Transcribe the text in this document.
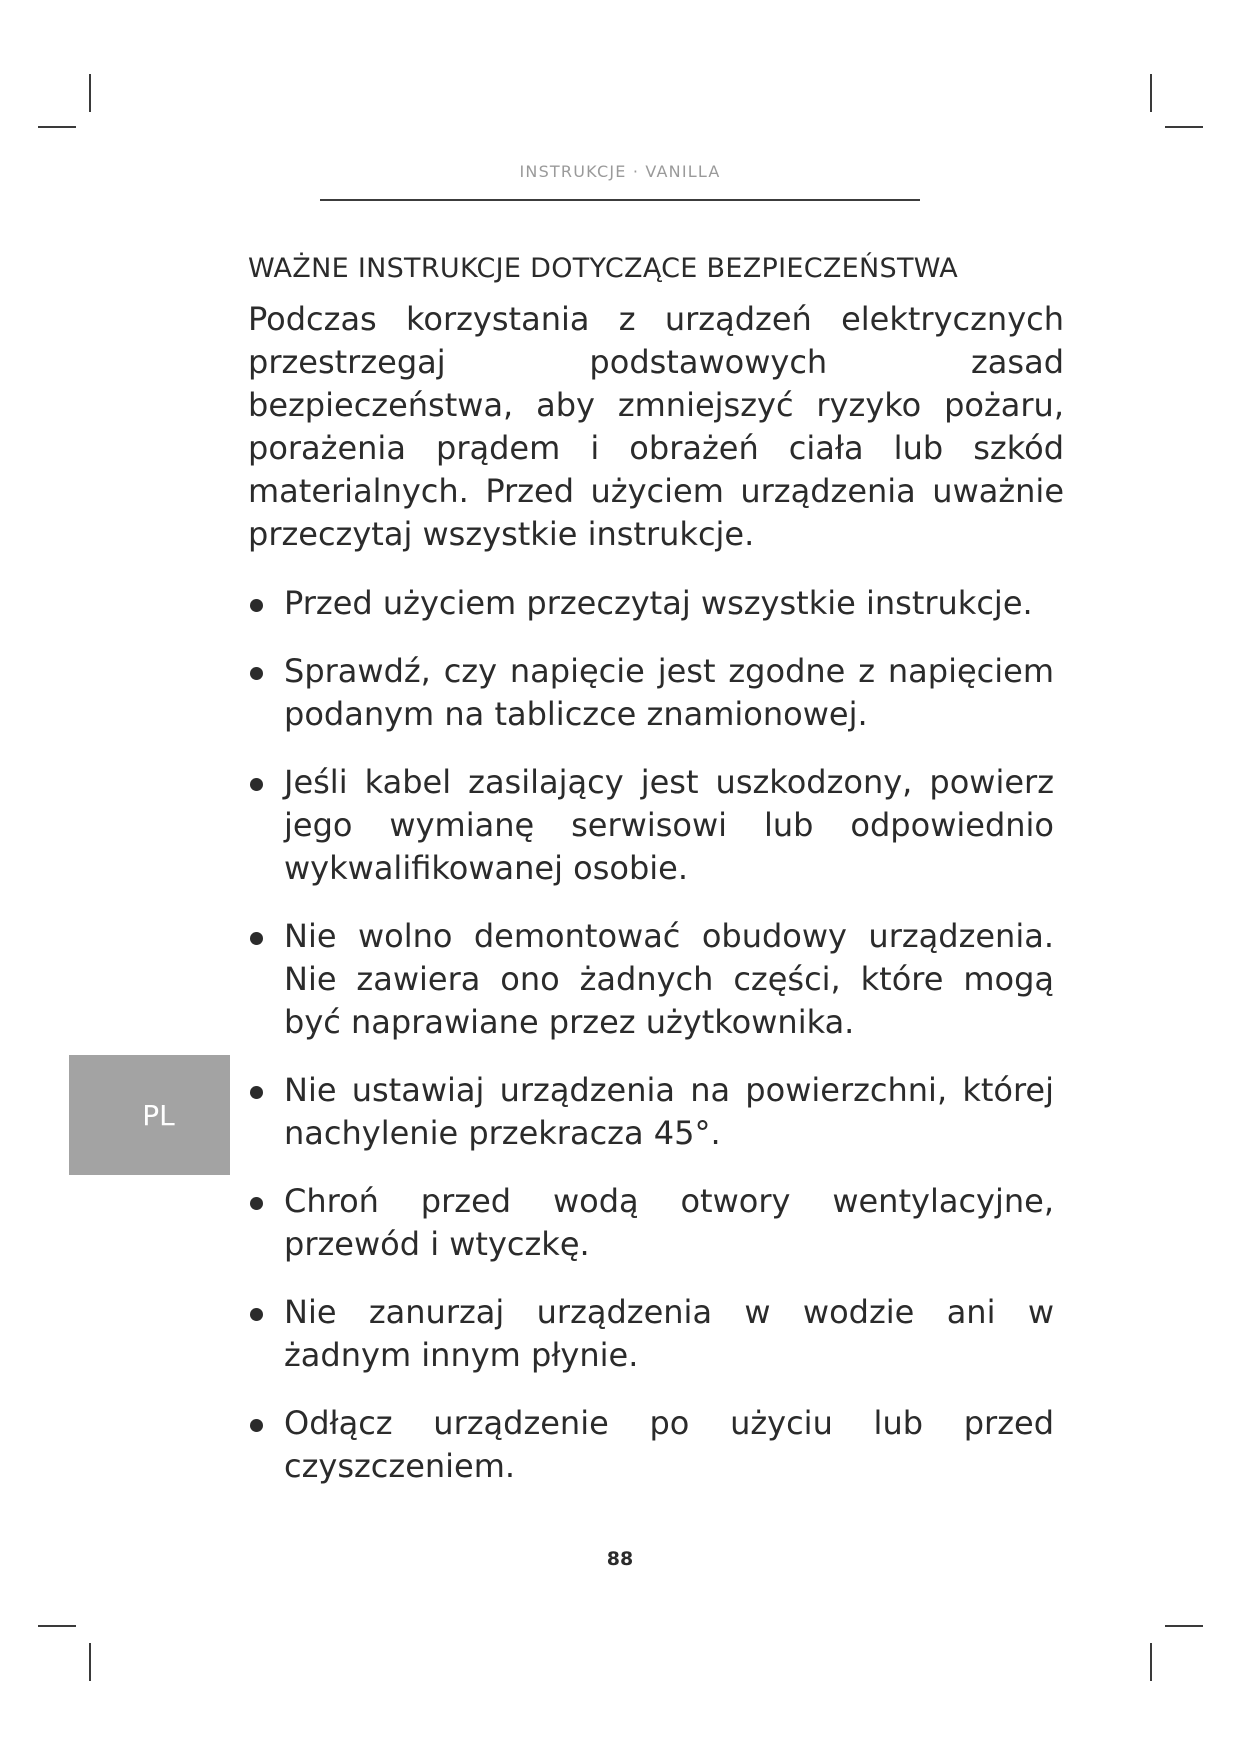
INSTRUKCJE · VANILLA
WAŻNE INSTRUKCJE DOTYCZĄCE BEZPIECZEŃSTWA

Podczas korzystania z urządzeń elektrycznych przestrzegaj podstawowych zasad bezpieczeństwa, aby zmniejszyć ryzyko pożaru, porażenia prądem i obrażeń ciała lub szkód materialnych. Przed użyciem urządzenia uważnie przeczytaj wszystkie instrukcje.

Przed użyciem przeczytaj wszystkie instrukcje.
Sprawdź, czy napięcie jest zgodne z napięciem podanym na tabliczce znamionowej.
Jeśli kabel zasilający jest uszkodzony, powierz jego wymianę serwisowi lub odpowiednio wykwalifikowanej osobie.
Nie wolno demontować obudowy urządzenia. Nie zawiera ono żadnych części, które mogą być naprawiane przez użytkownika.
Nie ustawiaj urządzenia na powierzchni, której nachylenie przekracza 45°.
Chroń przed wodą otwory wentylacyjne, przewód i wtyczkę.
Nie zanurzaj urządzenia w wodzie ani w żadnym innym płynie.
Odłącz urządzenie po użyciu lub przed czyszczeniem.
PL
88
